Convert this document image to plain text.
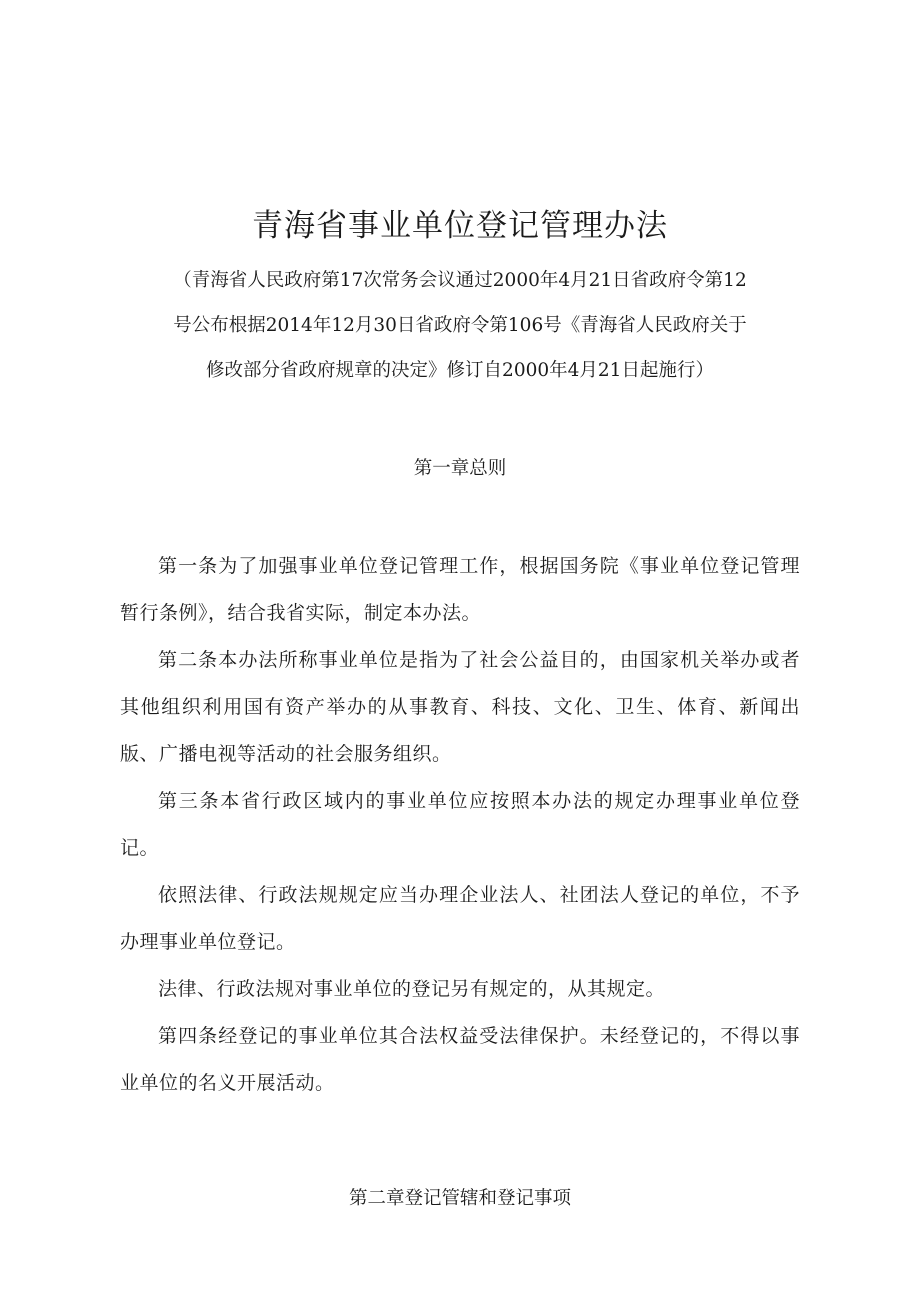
青海省事业单位登记管理办法
（青海省人民政府第17次常务会议通过2000年4月21日省政府令第12
号公布根据2014年12月30日省政府令第106号《青海省人民政府关于
修改部分省政府规章的决定》修订自2000年4月21日起施行）
第一章总则

第一条为了加强事业单位登记管理工作，根据国务院《事业单位登记管理暂行条例》，结合我省实际，制定本办法。

第二条本办法所称事业单位是指为了社会公益目的，由国家机关举办或者其他组织利用国有资产举办的从事教育、科技、文化、卫生、体育、新闻出版、广播电视等活动的社会服务组织。

第三条本省行政区域内的事业单位应按照本办法的规定办理事业单位登记。

依照法律、行政法规规定应当办理企业法人、社团法人登记的单位，不予办理事业单位登记。

法律、行政法规对事业单位的登记另有规定的，从其规定。

第四条经登记的事业单位其合法权益受法律保护。未经登记的，不得以事业单位的名义开展活动。

第二章登记管辖和登记事项
